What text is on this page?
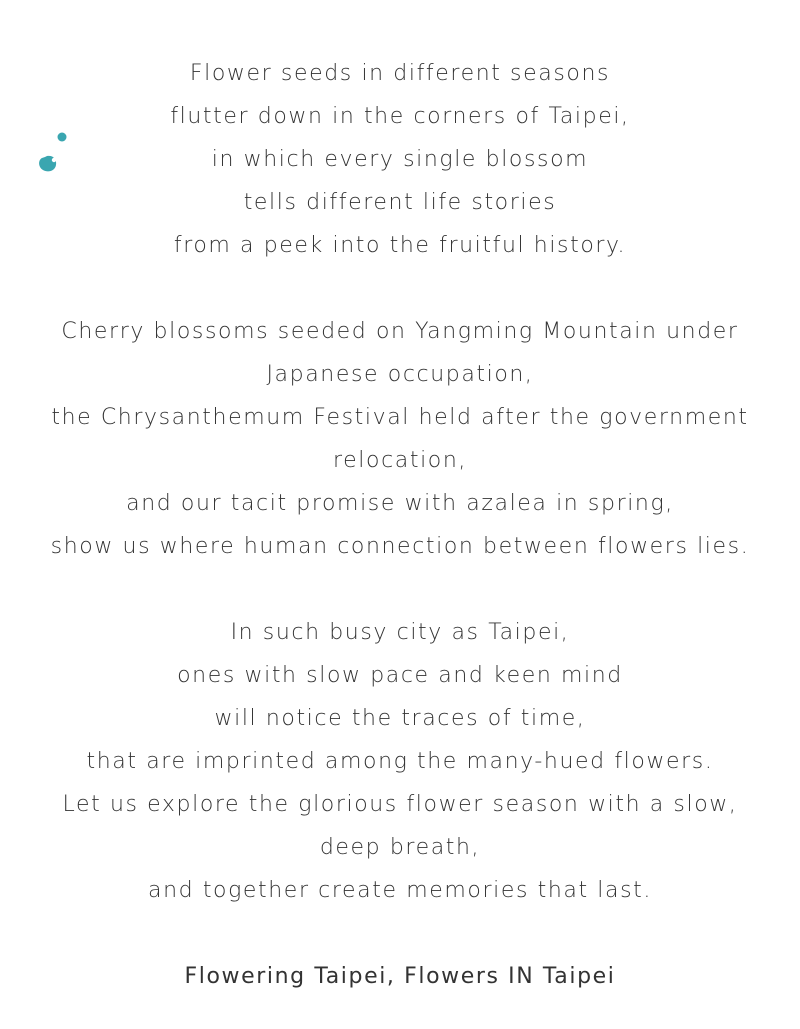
Flower seeds in different seasons
flutter down in the corners of Taipei,
in which every single blossom
tells different life stories
from a peek into the fruitful history.
Cherry blossoms seeded on Yangming Mountain under
Japanese occupation,
the Chrysanthemum Festival held after the government
relocation,
and our tacit promise with azalea in spring,
show us where human connection between flowers lies.
In such busy city as Taipei,
ones with slow pace and keen mind
will notice the traces of time,
that are imprinted among the many-hued flowers.
Let us explore the glorious flower season with a slow,
deep breath,
and together create memories that last.
Flowering Taipei, Flowers IN Taipei
